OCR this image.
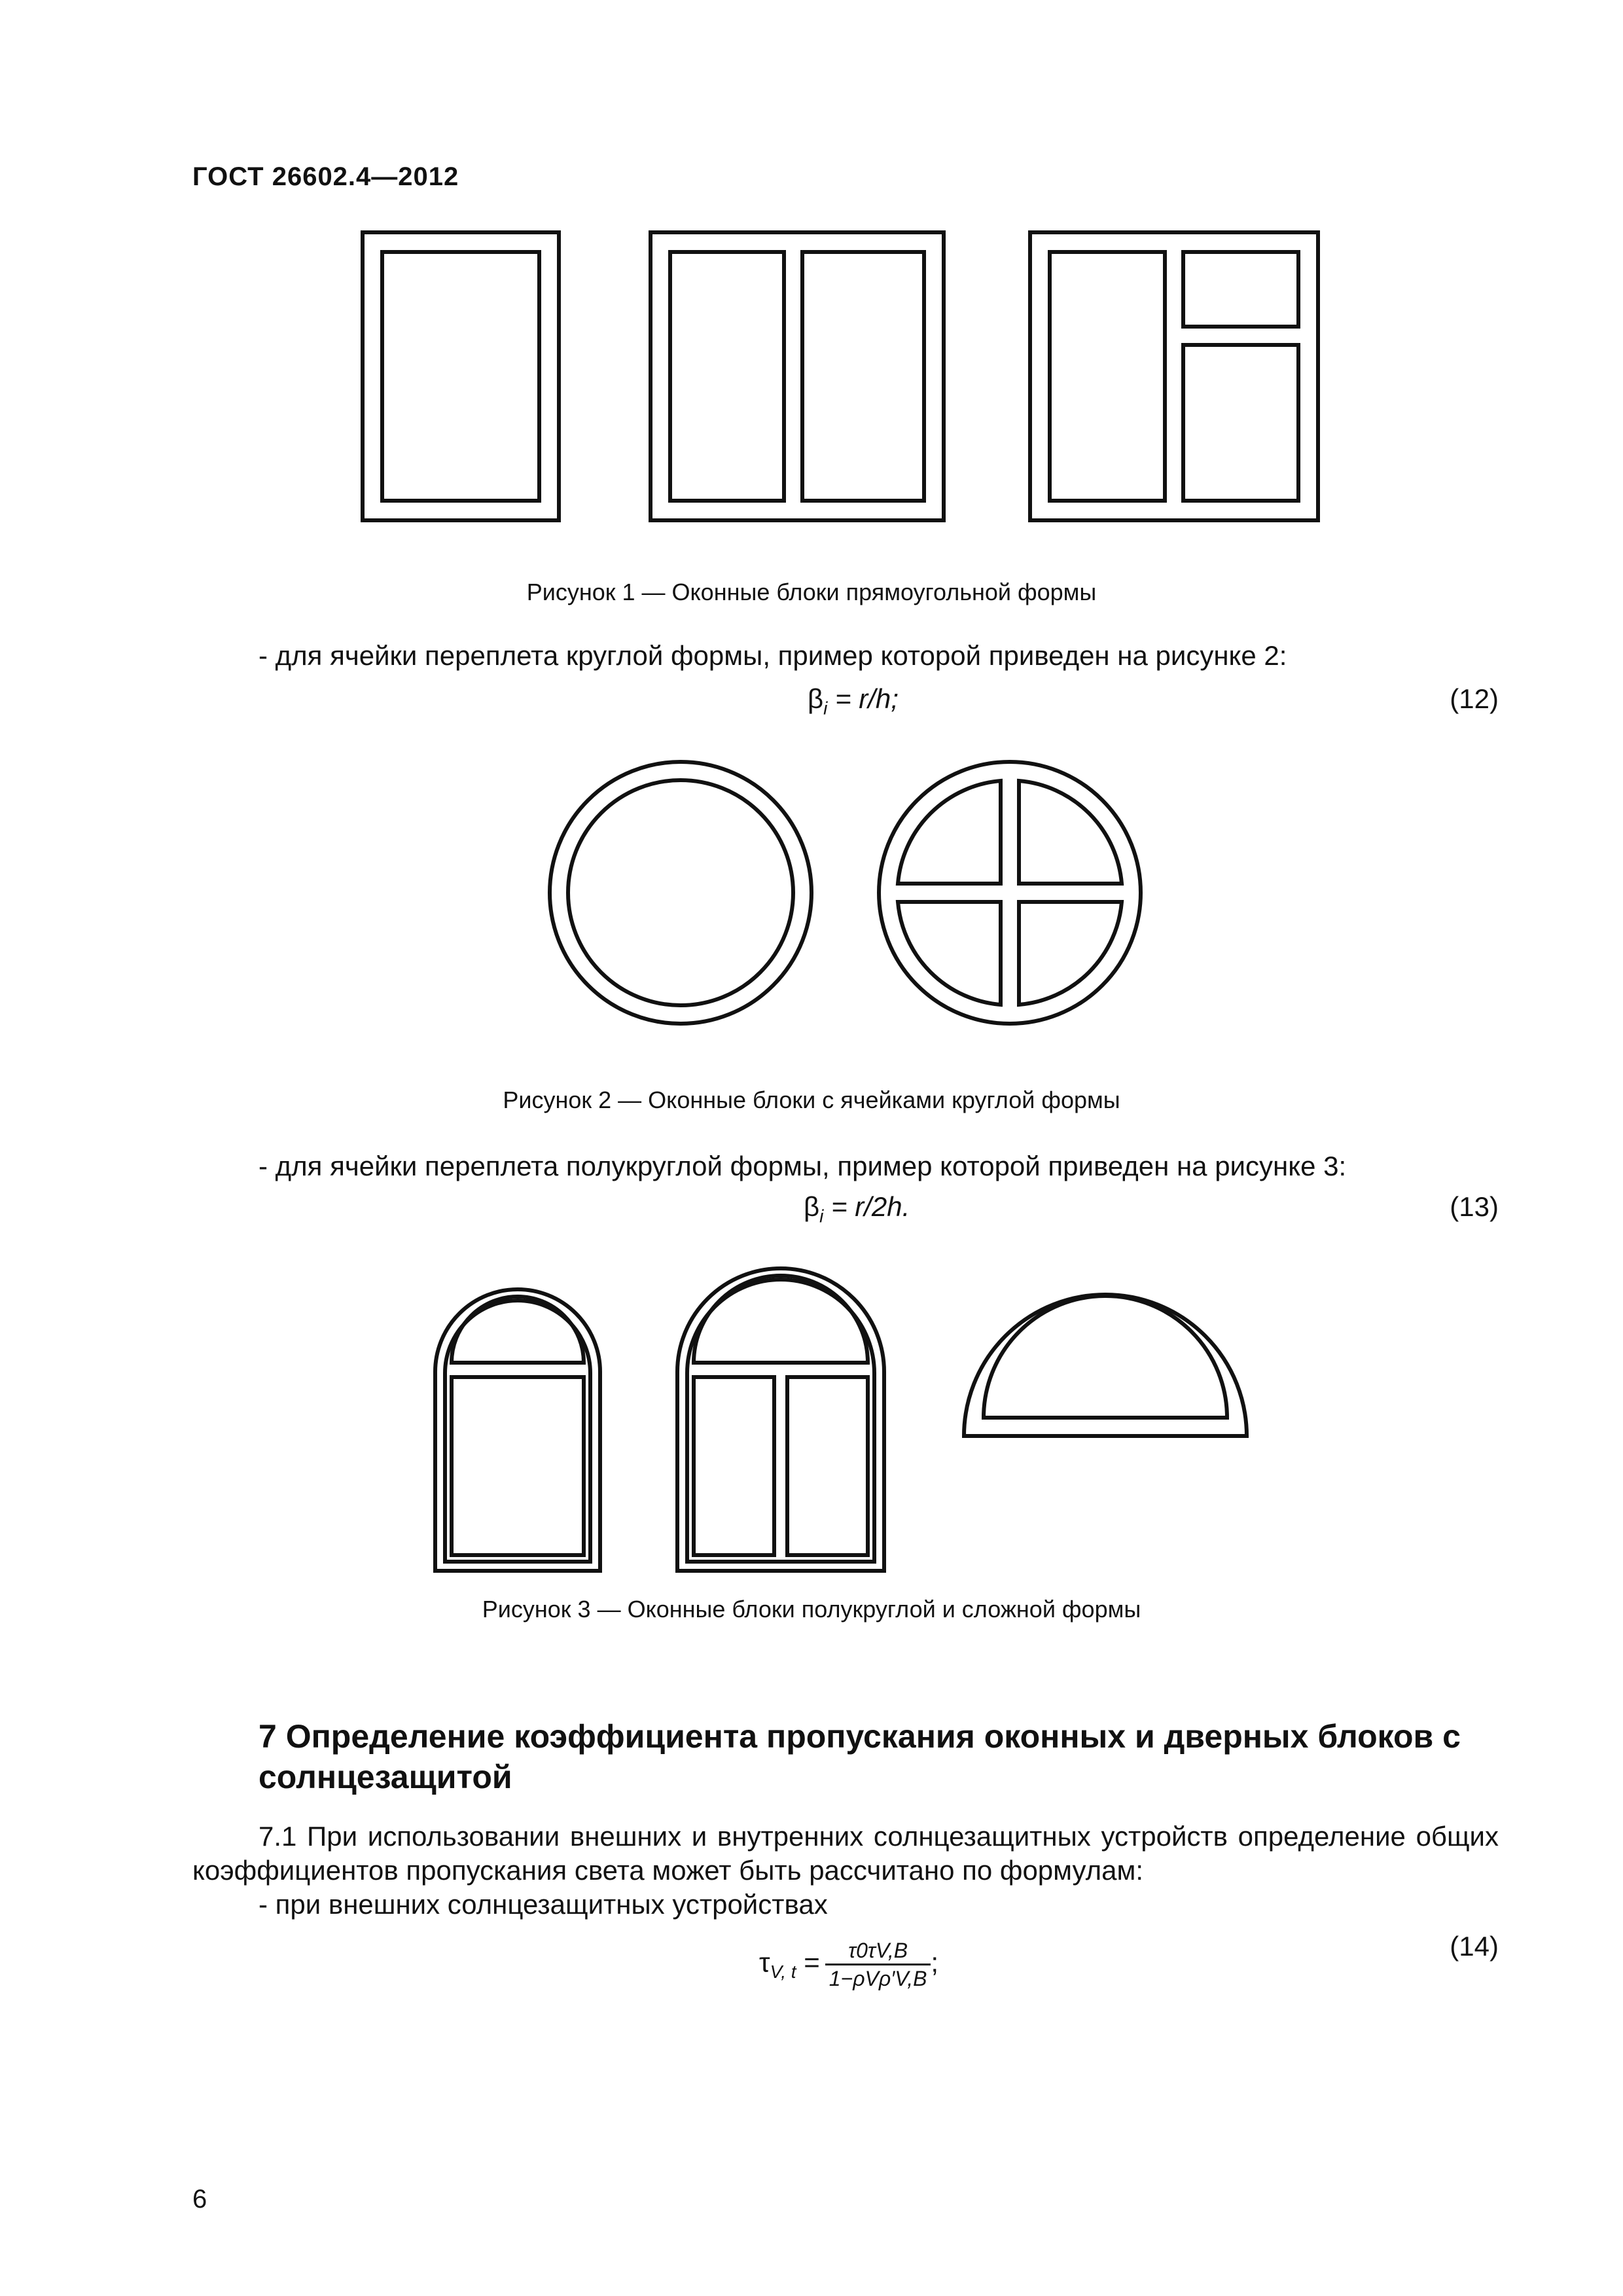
ГОСТ 26602.4—2012
Рисунок 1 — Оконные блоки прямоугольной формы
- для ячейки переплета круглой формы, пример которой приведен на рисунке 2:
$\beta_i = r/h$;	(12)
Рисунок 2 — Оконные блоки с ячейками круглой формы
- для ячейки переплета полукруглой формы, пример которой приведен на рисунке 3:
$\beta_i = r/2h$.	(13)
Рисунок 3 — Оконные блоки полукруглой и сложной формы
7 Определение коэффициента пропускания оконных и дверных блоков с солнцезащитой
7.1 При использовании внешних и внутренних солнцезащитных устройств определение общих
коэффициентов пропускания света может быть рассчитано по формулам:
- при внешних солнцезащитных устройствах
$\tau_{V, t} = \frac{\tau 0\tau V,B}{\text{1−ρVρ′V,B}}$ ;
(14)
6
